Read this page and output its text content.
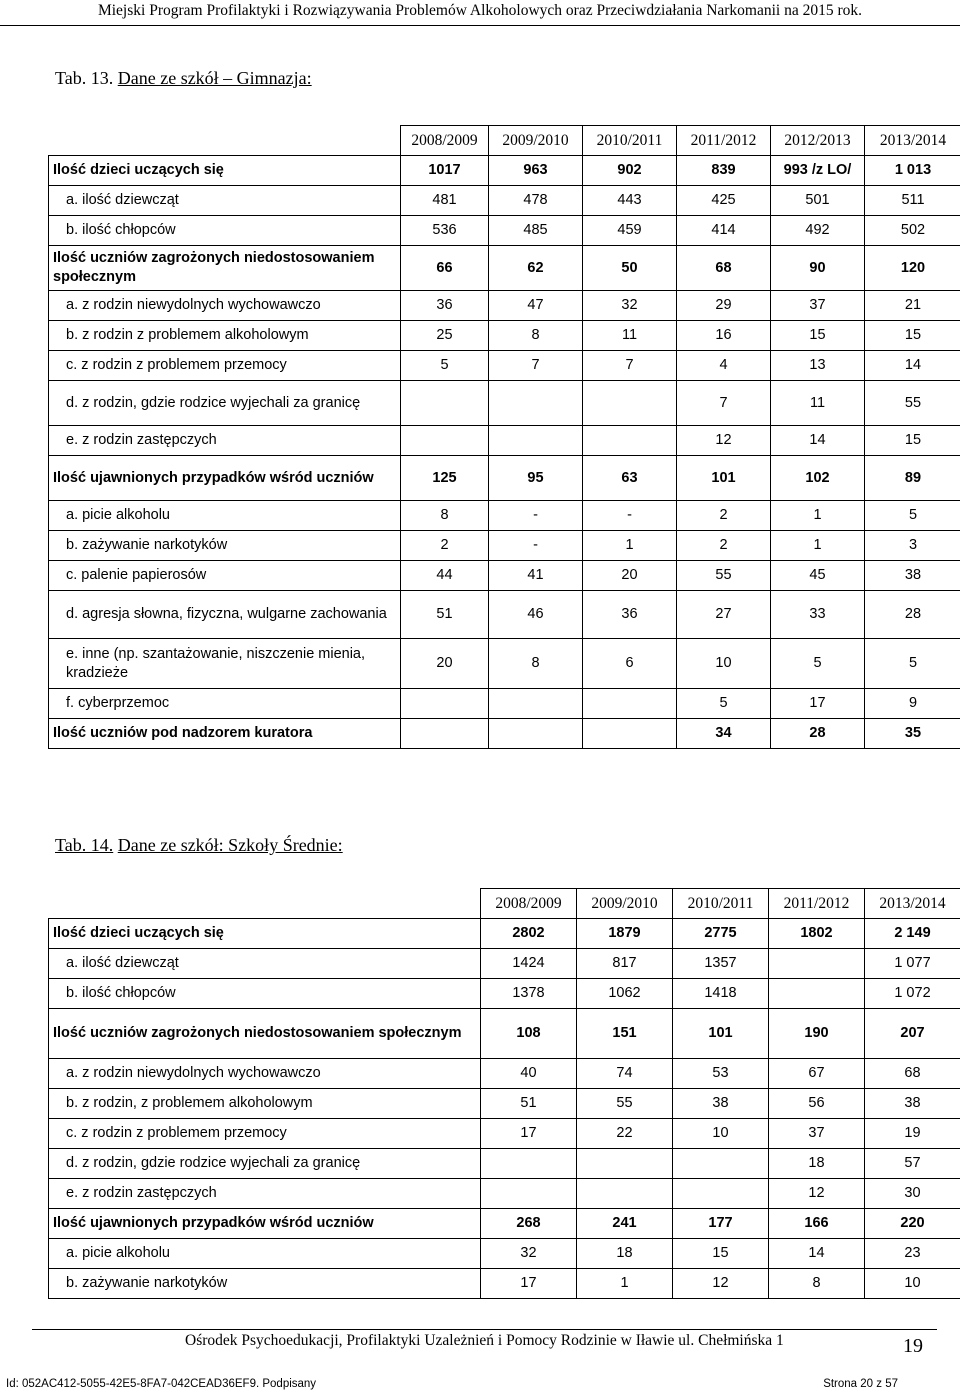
Miejski Program Profilaktyki i Rozwiązywania Problemów Alkoholowych oraz Przeciwdziałania Narkomanii na 2015 rok.
Tab. 13. Dane ze szkół – Gimnazja:
	2008/2009	2009/2010	2010/2011	2011/2012	2012/2013	2013/2014
Ilość dzieci uczących się	1017	963	902	839	993 /z LO/	1 013
a. ilość dziewcząt	481	478	443	425	501	511
b. ilość chłopców	536	485	459	414	492	502
Ilość uczniów zagrożonych niedostosowaniem społecznym	66	62	50	68	90	120
a. z rodzin niewydolnych wychowawczo	36	47	32	29	37	21
b. z rodzin z problemem alkoholowym	25	8	11	16	15	15
c. z rodzin z problemem przemocy	5	7	7	4	13	14
d. z rodzin, gdzie rodzice wyjechali za granicę				7	11	55
e. z rodzin zastępczych				12	14	15
Ilość ujawnionych przypadków wśród uczniów	125	95	63	101	102	89
a. picie alkoholu	8	-	-	2	1	5
b. zażywanie narkotyków	2	-	1	2	1	3
c. palenie papierosów	44	41	20	55	45	38
d. agresja słowna, fizyczna, wulgarne zachowania	51	46	36	27	33	28
e. inne (np. szantażowanie, niszczenie mienia, kradzieże	20	8	6	10	5	5
f. cyberprzemoc				5	17	9
Ilość uczniów pod nadzorem kuratora				34	28	35
Tab. 14. Dane ze szkół: Szkoły Średnie:
	2008/2009	2009/2010	2010/2011	2011/2012	2013/2014
Ilość dzieci uczących się	2802	1879	2775	1802	2 149
a. ilość dziewcząt	1424	817	1357		1 077
b. ilość chłopców	1378	1062	1418		1 072
Ilość uczniów zagrożonych niedostosowaniem społecznym	108	151	101	190	207
a. z rodzin niewydolnych wychowawczo	40	74	53	67	68
b. z rodzin, z problemem alkoholowym	51	55	38	56	38
c. z rodzin z problemem przemocy	17	22	10	37	19
d. z rodzin, gdzie rodzice wyjechali za granicę				18	57
e. z rodzin zastępczych				12	30
Ilość ujawnionych przypadków wśród uczniów	268	241	177	166	220
a. picie alkoholu	32	18	15	14	23
b. zażywanie narkotyków	17	1	12	8	10
Ośrodek Psychoedukacji, Profilaktyki Uzależnień i Pomocy Rodzinie w Iławie ul. Chełmińska 1	19
Id: 052AC412-5055-42E5-8FA7-042CEAD36EF9. Podpisany	Strona 20 z 57
